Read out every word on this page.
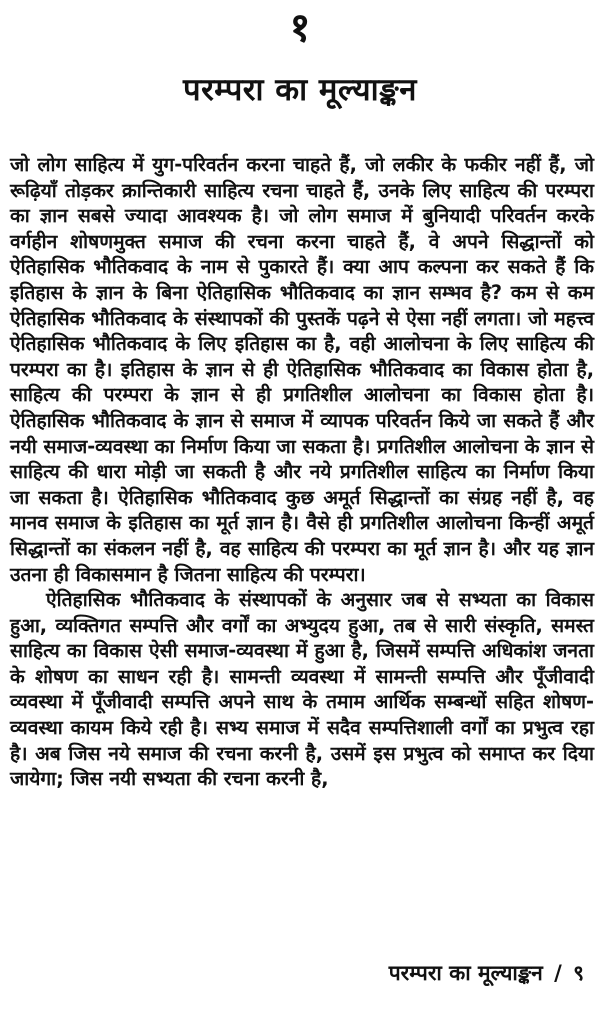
१
परम्परा का मूल्याङ्कन

जो लोग साहित्य में युग-परिवर्तन करना चाहते हैं, जो लकीर के फकीर नहीं हैं, जो रूढ़ियाँ तोड़कर क्रान्तिकारी साहित्य रचना चाहते हैं, उनके लिए साहित्य की परम्परा का ज्ञान सबसे ज्यादा आवश्यक है। जो लोग समाज में बुनियादी परिवर्तन करके वर्गहीन शोषणमुक्त समाज की रचना करना चाहते हैं, वे अपने सिद्धान्तों को ऐतिहासिक भौतिकवाद के नाम से पुकारते हैं। क्या आप कल्पना कर सकते हैं कि इतिहास के ज्ञान के बिना ऐतिहासिक भौतिकवाद का ज्ञान सम्भव है? कम से कम ऐतिहासिक भौतिकवाद के संस्थापकों की पुस्तकें पढ़ने से ऐसा नहीं लगता। जो महत्त्व ऐतिहासिक भौतिकवाद के लिए इतिहास का है, वही आलोचना के लिए साहित्य की परम्परा का है। इतिहास के ज्ञान से ही ऐतिहासिक भौतिकवाद का विकास होता है, साहित्य की परम्परा के ज्ञान से ही प्रगतिशील आलोचना का विकास होता है। ऐतिहासिक भौतिकवाद के ज्ञान से समाज में व्यापक परिवर्तन किये जा सकते हैं और नयी समाज-व्यवस्था का निर्माण किया जा सकता है। प्रगतिशील आलोचना के ज्ञान से साहित्य की धारा मोड़ी जा सकती है और नये प्रगतिशील साहित्य का निर्माण किया जा सकता है। ऐतिहासिक भौतिकवाद कुछ अमूर्त सिद्धान्तों का संग्रह नहीं है, वह मानव समाज के इतिहास का मूर्त ज्ञान है। वैसे ही प्रगतिशील आलोचना किन्हीं अमूर्त सिद्धान्तों का संकलन नहीं है, वह साहित्य की परम्परा का मूर्त ज्ञान है। और यह ज्ञान उतना ही विकासमान है जितना साहित्य की परम्परा।

ऐतिहासिक भौतिकवाद के संस्थापकों के अनुसार जब से सभ्यता का विकास हुआ, व्यक्तिगत सम्पत्ति और वर्गों का अभ्युदय हुआ, तब से सारी संस्कृति, समस्त साहित्य का विकास ऐसी समाज-व्यवस्था में हुआ है, जिसमें सम्पत्ति अधिकांश जनता के शोषण का साधन रही है। सामन्ती व्यवस्था में सामन्ती सम्पत्ति और पूँजीवादी व्यवस्था में पूँजीवादी सम्पत्ति अपने साथ के तमाम आर्थिक सम्बन्धों सहित शोषण-व्यवस्था कायम किये रही है। सभ्य समाज में सदैव सम्पत्तिशाली वर्गों का प्रभुत्व रहा है। अब जिस नये समाज की रचना करनी है, उसमें इस प्रभुत्व को समाप्त कर दिया जायेगा; जिस नयी सभ्यता की रचना करनी है,

परम्परा का मूल्याङ्कन / ९
